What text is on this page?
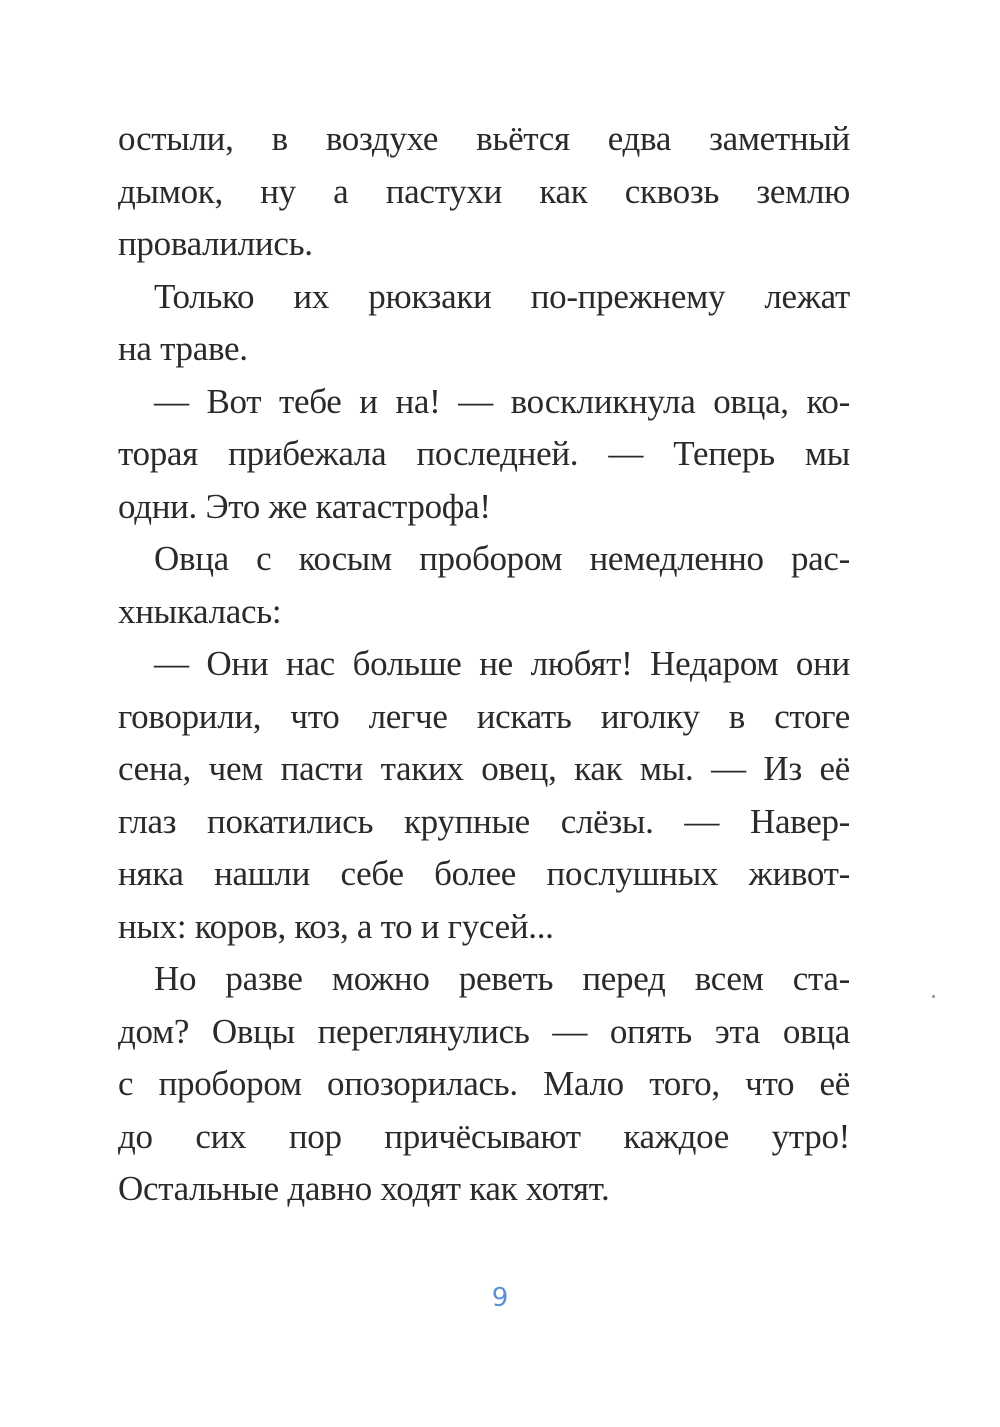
остыли, в воздухе вьётся едва заметный
дымок, ну а пастухи как сквозь землю
провалились.
Только их рюкзаки по-прежнему лежат
на траве.
— Вот тебе и на! — воскликнула овца, ко-
торая прибежала последней. — Теперь мы
одни. Это же катастрофа!
Овца с косым пробором немедленно рас-
хныкалась:
— Они нас больше не любят! Недаром они
говорили, что легче искать иголку в стоге
сена, чем пасти таких овец, как мы. — Из её
глаз покатились крупные слёзы. — Навер-
няка нашли себе более послушных живот-
ных: коров, коз, а то и гусей...
Но разве можно реветь перед всем ста-
дом? Овцы переглянулись — опять эта овца
с пробором опозорилась. Мало того, что её
до сих пор причёсывают каждое утро!
Остальные давно ходят как хотят.
9
